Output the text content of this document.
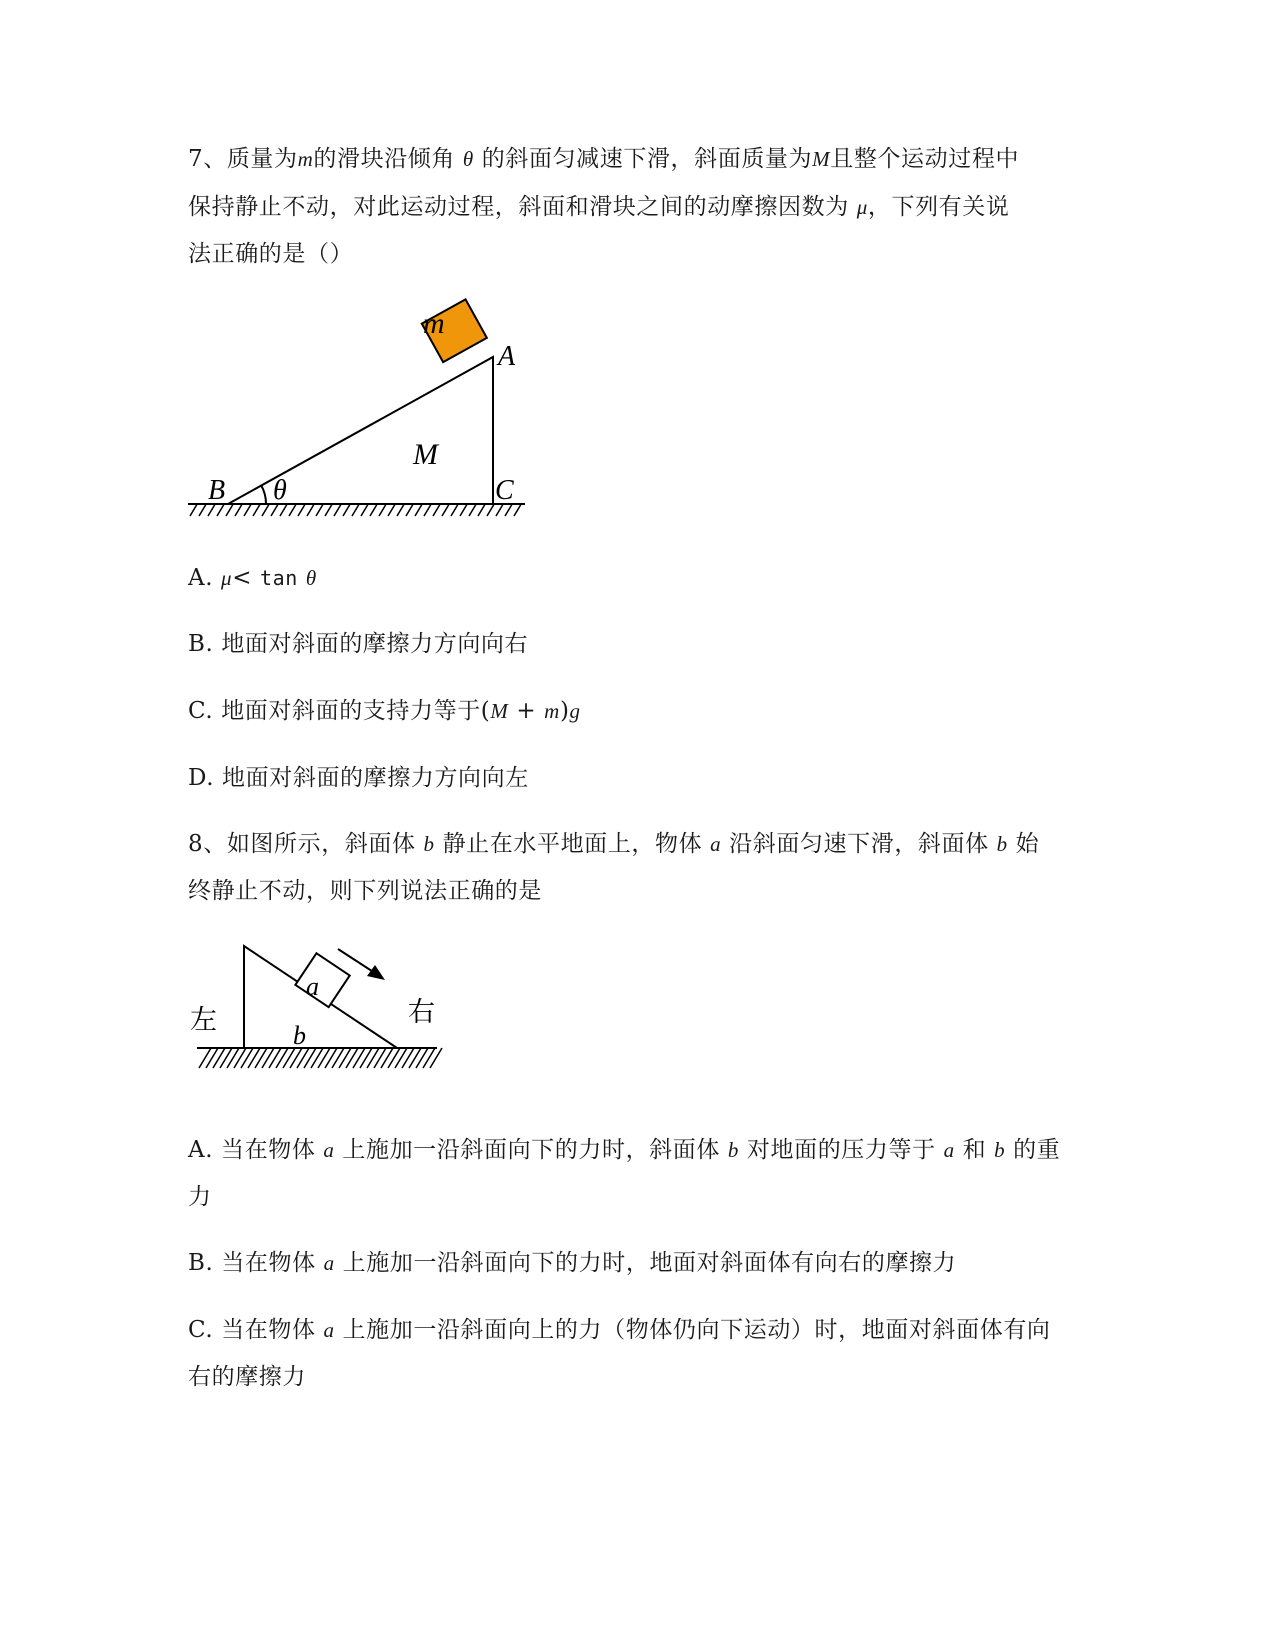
7、质量为m的滑块沿倾角 θ 的斜面匀减速下滑，斜面质量为M且整个运动过程中
保持静止不动，对此运动过程，斜面和滑块之间的动摩擦因数为 μ，下列有关说
法正确的是（）
m
A
M
B θ	C
A. μ< tan θ
B. 地面对斜面的摩擦力方向向右
C. 地面对斜面的支持力等于(M + m)g
D. 地面对斜面的摩擦力方向向左
8、如图所示，斜面体 b 静止在水平地面上，物体 a 沿斜面匀速下滑，斜面体 b 始
终静止不动，则下列说法正确的是
a
b
左	右
A. 当在物体 a 上施加一沿斜面向下的力时，斜面体 b 对地面的压力等于 a 和 b 的重
力
B. 当在物体 a 上施加一沿斜面向下的力时，地面对斜面体有向右的摩擦力
C. 当在物体 a 上施加一沿斜面向上的力（物体仍向下运动）时，地面对斜面体有向
右的摩擦力
